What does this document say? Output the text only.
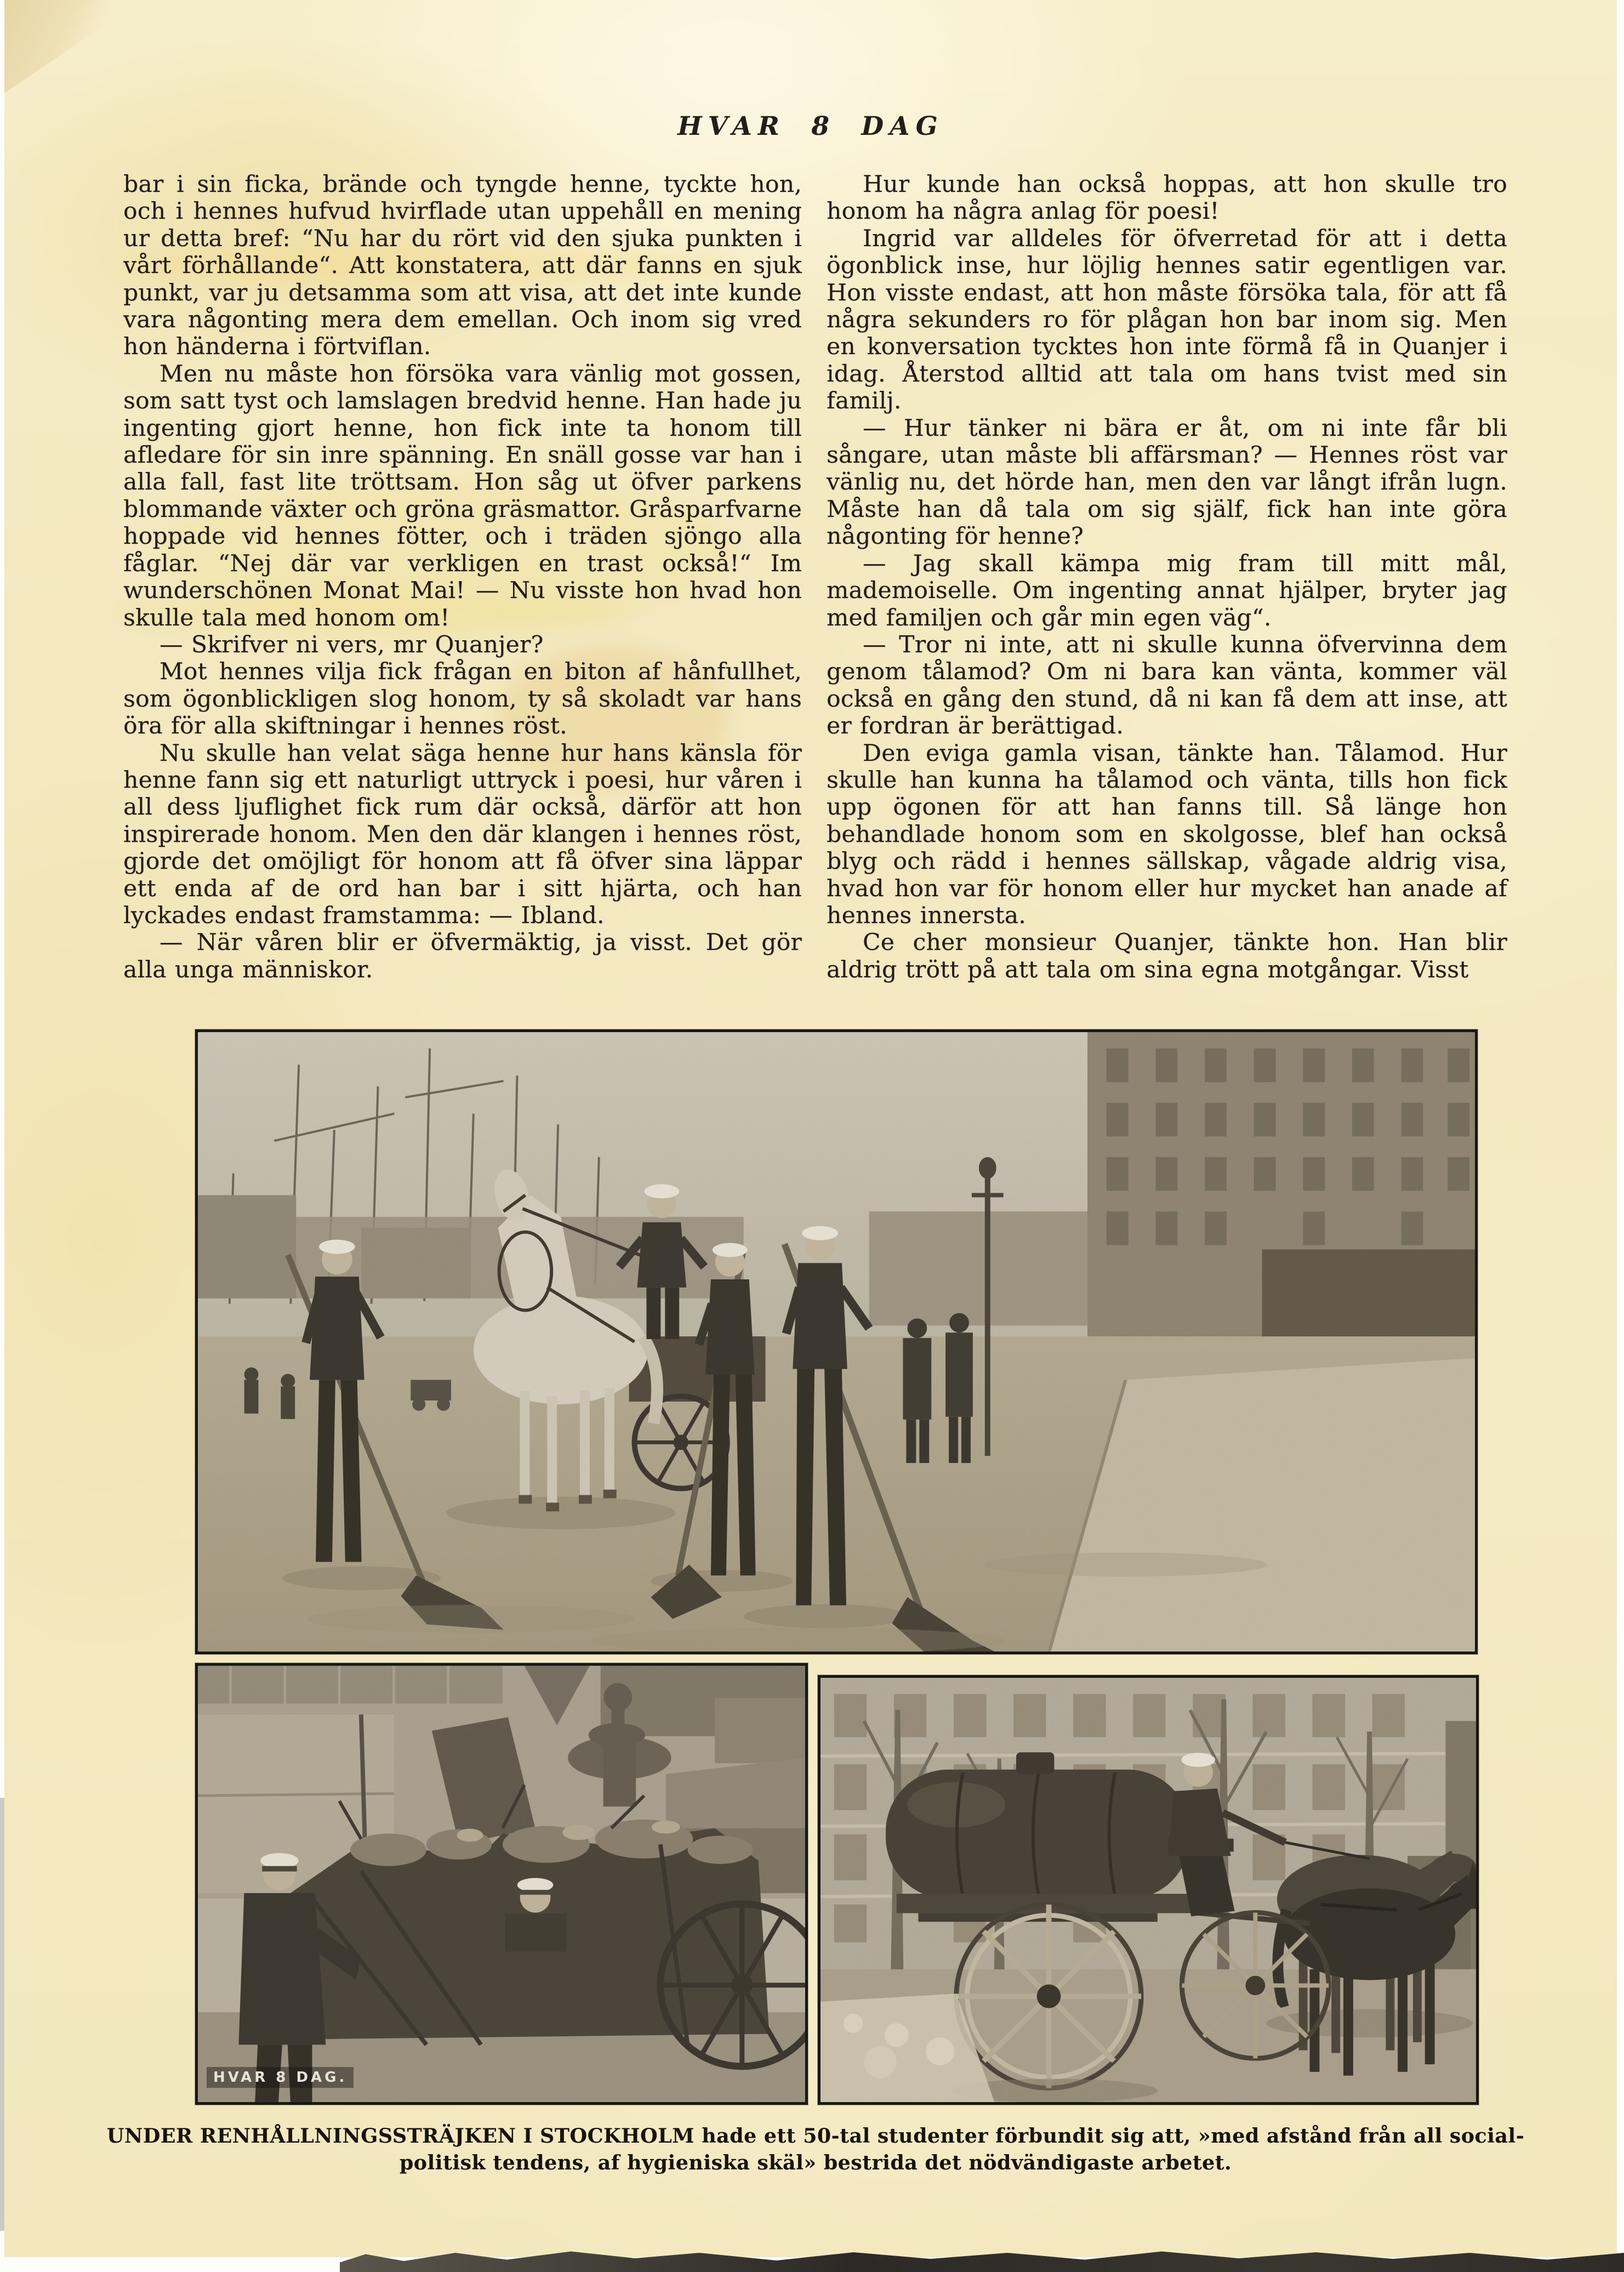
HVAR 8 DAG

bar i sin ficka, brände och tyngde henne, tyckte hon, och i hennes hufvud hvirflade utan uppehåll en mening ur detta bref: “Nu har du rört vid den sjuka punkten i vårt förhållande“. Att konstatera, att där fanns en sjuk punkt, var ju detsamma som att visa, att det inte kunde vara någonting mera dem emellan. Och inom sig vred hon händerna i förtviflan.

Men nu måste hon försöka vara vänlig mot gossen, som satt tyst och lamslagen bredvid henne. Han hade ju ingenting gjort henne, hon fick inte ta honom till afledare för sin inre spänning. En snäll gosse var han i alla fall, fast lite tröttsam. Hon såg ut öfver parkens blommande växter och gröna gräsmattor. Gråsparfvarne hoppade vid hennes fötter, och i träden sjöngo alla fåglar. “Nej där var verkligen en trast också!“ Im wunderschönen Monat Mai! — Nu visste hon hvad hon skulle tala med honom om!

— Skrifver ni vers, mr Quanjer?

Mot hennes vilja fick frågan en biton af hånfullhet, som ögonblickligen slog honom, ty så skoladt var hans öra för alla skiftningar i hennes röst.

Nu skulle han velat säga henne hur hans känsla för henne fann sig ett naturligt uttryck i poesi, hur våren i all dess ljuflighet fick rum där också, därför att hon inspirerade honom. Men den där klangen i hennes röst, gjorde det omöjligt för honom att få öfver sina läppar ett enda af de ord han bar i sitt hjärta, och han lyckades endast framstamma: — Ibland.

— När våren blir er öfvermäktig, ja visst. Det gör alla unga människor.

Hur kunde han också hoppas, att hon skulle tro honom ha några anlag för poesi!

Ingrid var alldeles för öfverretad för att i detta ögonblick inse, hur löjlig hennes satir egentligen var. Hon visste endast, att hon måste försöka tala, för att få några sekunders ro för plågan hon bar inom sig. Men en konversation tycktes hon inte förmå få in Quanjer i idag. Återstod alltid att tala om hans tvist med sin familj.

— Hur tänker ni bära er åt, om ni inte får bli sångare, utan måste bli affärsman? — Hennes röst var vänlig nu, det hörde han, men den var långt ifrån lugn. Måste han då tala om sig själf, fick han inte göra någonting för henne?

— Jag skall kämpa mig fram till mitt mål, mademoiselle. Om ingenting annat hjälper, bryter jag med familjen och går min egen väg“.

— Tror ni inte, att ni skulle kunna öfvervinna dem genom tålamod? Om ni bara kan vänta, kommer väl också en gång den stund, då ni kan få dem att inse, att er fordran är berättigad.

Den eviga gamla visan, tänkte han. Tålamod. Hur skulle han kunna ha tålamod och vänta, tills hon fick upp ögonen för att han fanns till. Så länge hon behandlade honom som en skolgosse, blef han också blyg och rädd i hennes sällskap, vågade aldrig visa, hvad hon var för honom eller hur mycket han anade af hennes innersta.

Ce cher monsieur Quanjer, tänkte hon. Han blir aldrig trött på att tala om sina egna motgångar. Visst

HVAR 8 DAG.
UNDER RENHÅLLNINGSSTRÄJKEN I STOCKHOLM hade ett 50-tal studenter förbundit sig att, »med afstånd från all social-
politisk tendens, af hygieniska skäl» bestrida det nödvändigaste arbetet.
